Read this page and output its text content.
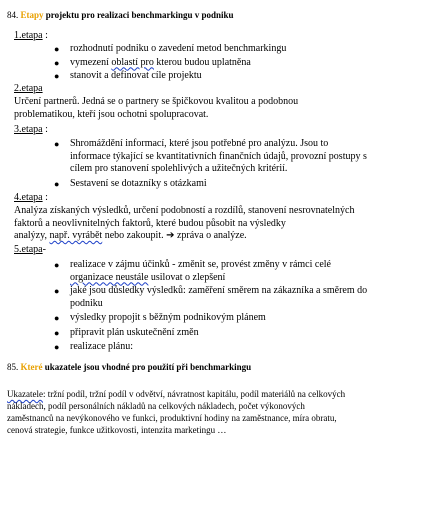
84. Etapy projektu pro realizaci benchmarkingu v podniku
1.etapa :
● rozhodnutí podniku o zavedení metod benchmarkingu
● vymezení oblastí pro kterou budou uplatněna
● stanovit a definovat cíle projektu
2.etapa
Určení partnerů. Jedná se o partnery se špičkovou kvalitou a podobnou
problematikou, kteří jsou ochotni spolupracovat.
3.etapa :
● Shromáždění informací, které jsou potřebné pro analýzu. Jsou to
informace týkající se kvantitativních finančních údajů, provozní postupy s
cílem pro stanovení spolehlivých a užitečných kritérií.
● Sestavení se dotazníky s otázkami
4.etapa :
Analýza získaných výsledků, určení podobností a rozdílů, stanovení nesrovnatelných
faktorů a neovlivnitelných faktorů, které budou působit na výsledky
analýzy, např. vyrábět nebo zakoupit. ➔ zpráva o analýze.
5.etapa-
● realizace v zájmu účinků - změnit se, provést změny v rámci celé
organizace neustále usilovat o zlepšení
● jaké jsou důsledky výsledků: zaměření směrem na zákazníka a směrem do
podniku
● výsledky propojit s běžným podnikovým plánem
● připravit plán uskutečnění změn
● realizace plánu:
85. Které ukazatele jsou vhodné pro použití při benchmarkingu
Ukazatele: tržní podíl, tržní podíl v odvětví, návratnost kapitálu, podíl materiálů na celkových
nákladech, podíl personálních nákladů na celkových nákladech, počet výkonových
zaměstnanců na nevýkonového ve funkci, produktivní hodiny na zaměstnance, míra obratu,
cenová strategie, funkce užitkovosti, intenzita marketingu …
